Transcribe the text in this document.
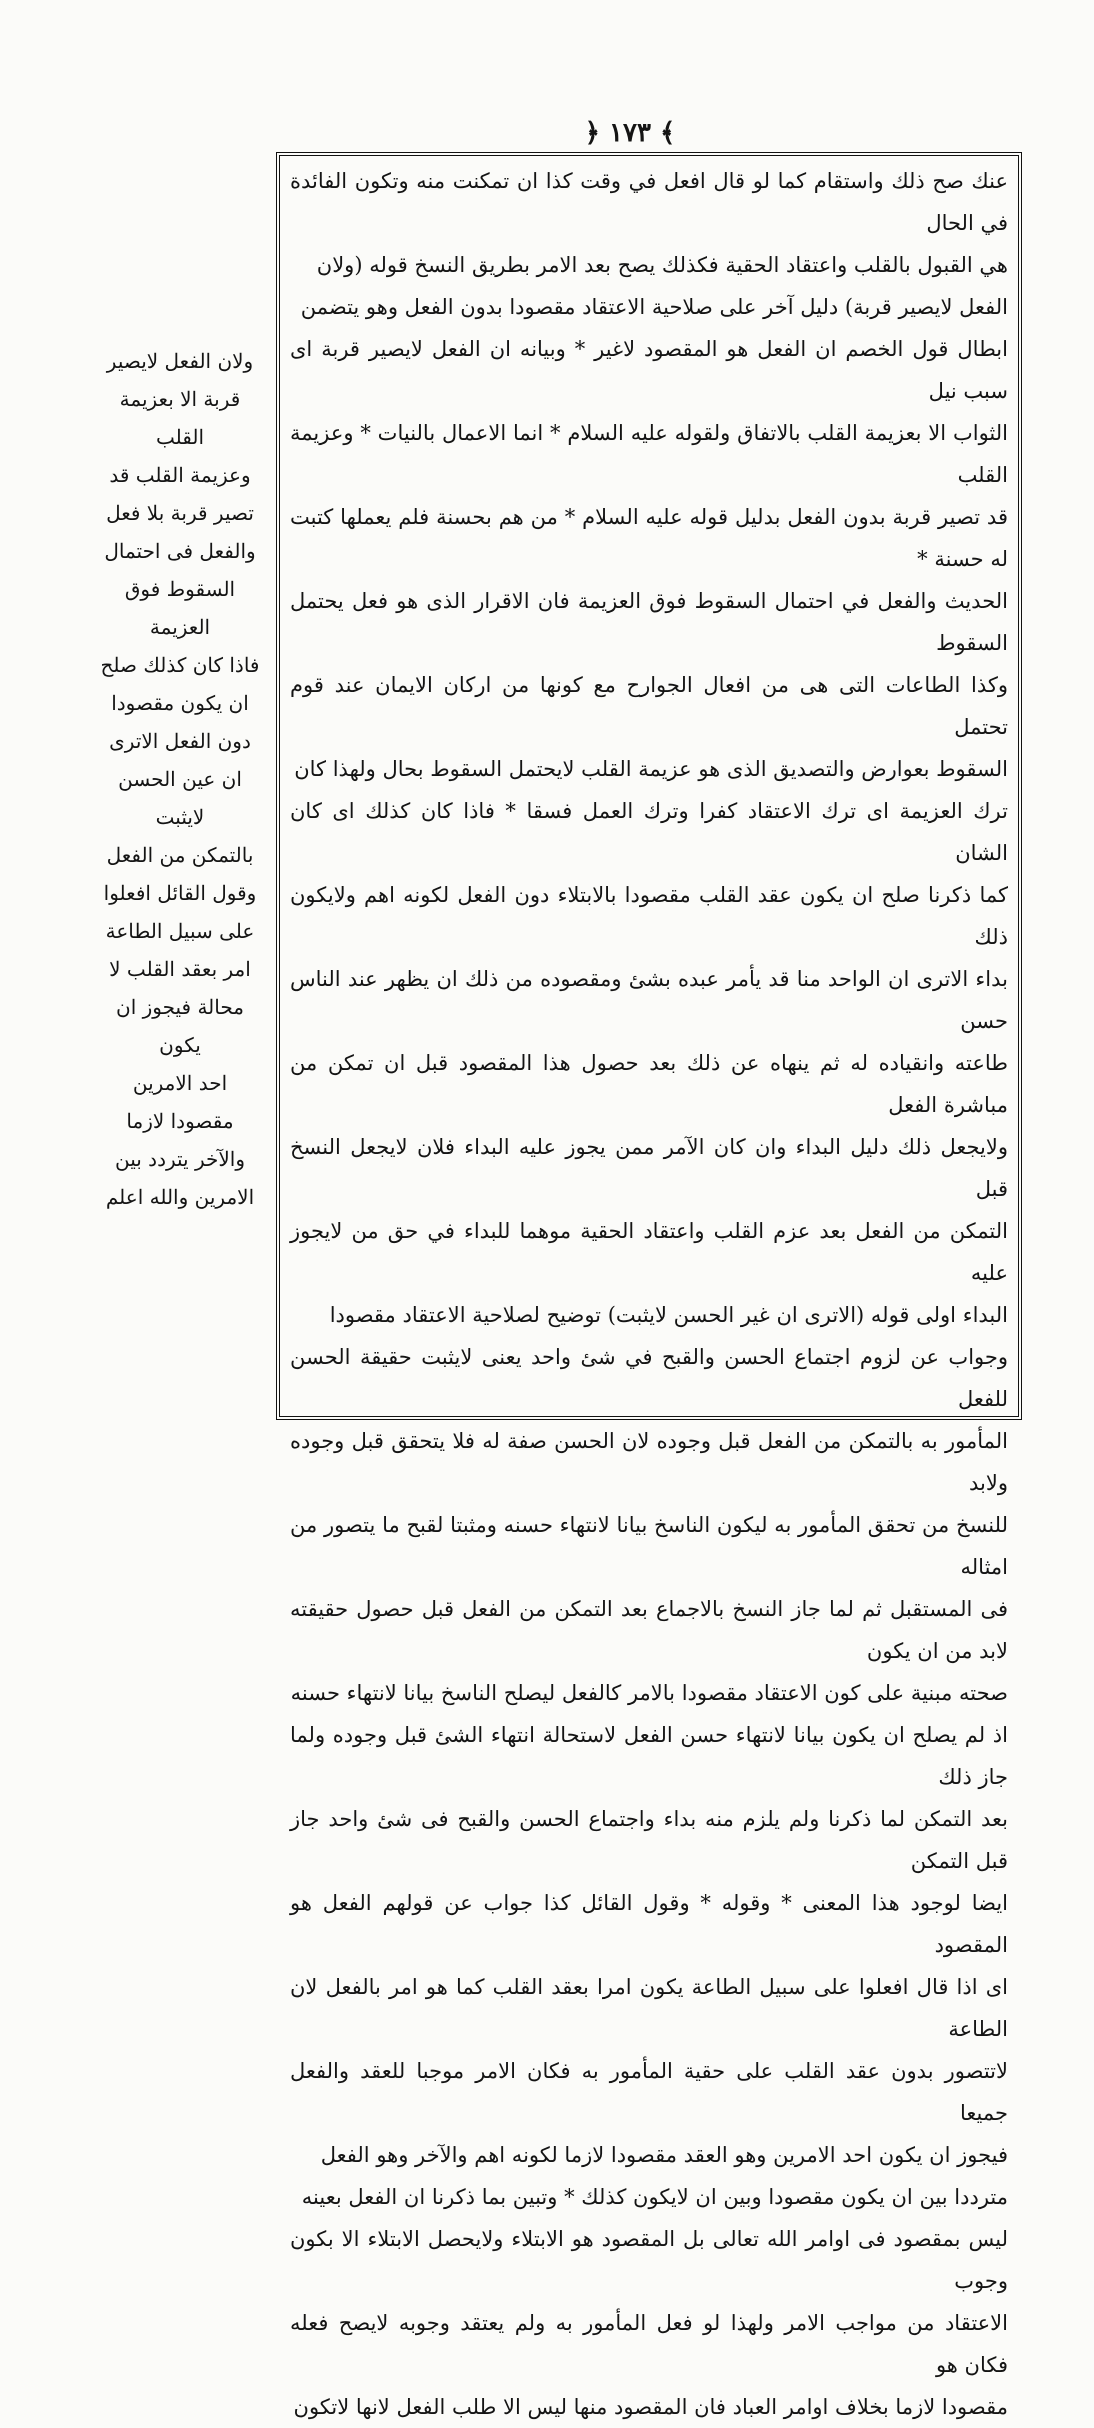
﴿ ١٧٣ ﴾

عنك صح ذلك واستقام كما لو قال افعل في وقت كذا ان تمكنت منه وتكون الفائدة في الحال

هي القبول بالقلب واعتقاد الحقية فكذلك يصح بعد الامر بطريق النسخ قوله (ولان

الفعل لايصير قربة) دليل آخر على صلاحية الاعتقاد مقصودا بدون الفعل وهو يتضمن

ابطال قول الخصم ان الفعل هو المقصود لاغير * وبيانه ان الفعل لايصير قربة اى سبب نيل

الثواب الا بعزيمة القلب بالاتفاق ولقوله عليه السلام * انما الاعمال بالنيات * وعزيمة القلب

قد تصير قربة بدون الفعل بدليل قوله عليه السلام * من هم بحسنة فلم يعملها كتبت له حسنة *

الحديث والفعل في احتمال السقوط فوق العزيمة فان الاقرار الذى هو فعل يحتمل السقوط

وكذا الطاعات التى هى من افعال الجوارح مع كونها من اركان الايمان عند قوم تحتمل

السقوط بعوارض والتصديق الذى هو عزيمة القلب لايحتمل السقوط بحال ولهذا كان

ترك العزيمة اى ترك الاعتقاد كفرا وترك العمل فسقا * فاذا كان كذلك اى كان الشان

كما ذكرنا صلح ان يكون عقد القلب مقصودا بالابتلاء دون الفعل لكونه اهم ولايكون ذلك

بداء الاترى ان الواحد منا قد يأمر عبده بشئ ومقصوده من ذلك ان يظهر عند الناس حسن

طاعته وانقياده له ثم ينهاه عن ذلك بعد حصول هذا المقصود قبل ان تمكن من مباشرة الفعل

ولايجعل ذلك دليل البداء وان كان الآمر ممن يجوز عليه البداء فلان لايجعل النسخ قبل

التمكن من الفعل بعد عزم القلب واعتقاد الحقية موهما للبداء في حق من لايجوز عليه

البداء اولى قوله (الاترى ان غير الحسن لايثبت) توضيح لصلاحية الاعتقاد مقصودا

وجواب عن لزوم اجتماع الحسن والقبح في شئ واحد يعنى لايثبت حقيقة الحسن للفعل

المأمور به بالتمكن من الفعل قبل وجوده لان الحسن صفة له فلا يتحقق قبل وجوده ولابد

للنسخ من تحقق المأمور به ليكون الناسخ بيانا لانتهاء حسنه ومثبتا لقبح ما يتصور من امثاله

فى المستقبل ثم لما جاز النسخ بالاجماع بعد التمكن من الفعل قبل حصول حقيقته لابد من ان يكون

صحته مبنية على كون الاعتقاد مقصودا بالامر كالفعل ليصلح الناسخ بيانا لانتهاء حسنه

اذ لم يصلح ان يكون بيانا لانتهاء حسن الفعل لاستحالة انتهاء الشئ قبل وجوده ولما جاز ذلك

بعد التمكن لما ذكرنا ولم يلزم منه بداء واجتماع الحسن والقبح فى شئ واحد جاز قبل التمكن

ايضا لوجود هذا المعنى * وقوله * وقول القائل كذا جواب عن قولهم الفعل هو المقصود

اى اذا قال افعلوا على سبيل الطاعة يكون امرا بعقد القلب كما هو امر بالفعل لان الطاعة

لاتتصور بدون عقد القلب على حقية المأمور به فكان الامر موجبا للعقد والفعل جميعا

فيجوز ان يكون احد الامرين وهو العقد مقصودا لازما لكونه اهم والآخر وهو الفعل

مترددا بين ان يكون مقصودا وبين ان لايكون كذلك * وتبين بما ذكرنا ان الفعل بعينه

ليس بمقصود فى اوامر الله تعالى بل المقصود هو الابتلاء ولايحصل الابتلاء الا بكون وجوب

الاعتقاد من مواجب الامر ولهذا لو فعل المأمور به ولم يعتقد وجوبه لايصح فعله فكان هو

مقصودا لازما بخلاف اوامر العباد فان المقصود منها ليس الا طلب الفعل لانها لاتكون

ولان الفعل لايصير

قربة الا بعزيمة القلب

وعزيمة القلب قد

تصير قربة بلا فعل

والفعل فى احتمال

السقوط فوق العزيمة

فاذا كان كذلك صلح

ان يكون مقصودا

دون الفعل الاترى

ان عين الحسن لايثبت

بالتمكن من الفعل

وقول القائل افعلوا

على سبيل الطاعة

امر بعقد القلب لا

محالة فيجوز ان يكون

احد الامرين

مقصودا لازما

والآخر يتردد بين

الامرين والله اعلم
